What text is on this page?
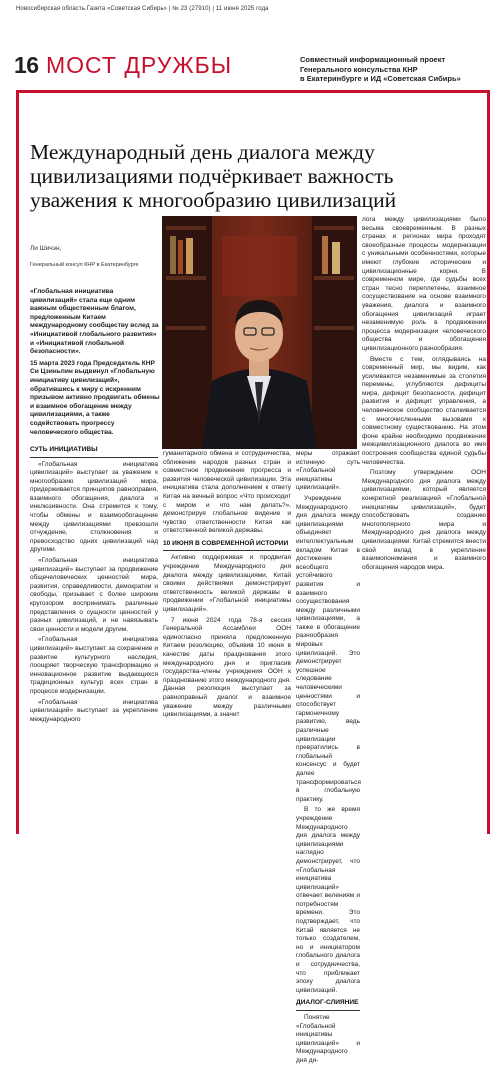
Новосибирская область.Газета «Советская Сибирь» | № 23 (27910) | 11 июня 2025 года
16 МОСТ ДРУЖБЫ	Совместный информационный проект
Генерального консульства КНР
в Екатеринбурге и ИД «Советская Сибирь»
Международный день диалога между цивилизациями подчёркивает важность уважения к многообразию цивилизаций
Ли Шичэн,
Генеральный консул КНР в Екатеринбурге

«Глобальная инициатива цивилизаций» стала еще одним важным общественным благом, предложенным Китаем международному сообществу вслед за «Инициативой глобального развития» и «Инициативой глобальной безопасности».

15 марта 2023 года Председатель КНР Си Цзиньпин выдвинул «Глобальную инициативу цивилизаций», обратившись к миру с искренним призывом активно продвигать обмены и взаимное обогащение между цивилизациями, а также содействовать прогрессу человеческого общества.

лога между цивилизациями было весьма своевременным. В разных странах и регионах мира проходят своеобразные процессы модернизации с уникальными особенностями, которые имеют глубокие исторические и цивилизационные корни. В современном мире, где судьбы всех стран тесно переплетены, взаимное сосуществование на основе взаимного уважения, диалога и взаимного обогащения цивилизаций играет незаменимую роль в продвижении процесса модернизации человеческого общества и обогащения цивилизационного разнообразия.

Вместе с тем, оглядываясь на современный мир, мы видим, как усиливаются незаменимые за столетия перемены, углубляются дефициты мира, дефицит безопасности, дефицит развития и дефицит управления, а человеческое сообщество сталкивается с многочисленными вызовами к совместному существованию. На этом фоне крайне необходимо продвижение межцивилизационного диалога во имя построения сообщества единой судьбы человечества.

Поэтому утверждение ООН Международного дня диалога между цивилизациями, который является конкретной реализацией «Глобальной инициативы цивилизаций», будет способствовать созданию многополярного мира и Международного дня диалога между цивилизациями. Китай стремится внести свой вклад в укрепление взаимопонимания и взаимного обогащения народов мира.

СУТЬ ИНИЦИАТИВЫ

«Глобальная инициатива цивилизаций» выступает за уважение к многообразию цивилизаций мира, придерживается принципов равноправия, взаимного обогащения, диалога и инклюзивности. Она стремится к тому, чтобы обмены и взаимообогащение между цивилизациями превзошли отчуждение, столкновения и превосходство одних цивилизаций над другими.

«Глобальная инициатива цивилизаций» выступает за продвижение общечеловеческих ценностей: мира, развития, справедливости, демократии и свободы, призывает с более широким кругозором воспринимать различные представления о сущности ценностей у разных цивилизаций, и не навязывать свои ценности и модели другим.

«Глобальная инициатива цивилизаций» выступает за сохранение и развитие культурного наследия, поощряет творческую трансформацию и инновационное развитие выдающихся традиционных культур всех стран в процессе модернизации.

«Глобальная инициатива цивилизаций» выступает за укрепление международного

гуманитарного обмена и сотрудничества, сближение народов разных стран и совместное продвижение прогресса и развития человеческой цивилизации. Эта инициатива стала дополнением к ответу Китая на вечный вопрос «Что происходит с миром и что нам делать?», демонстрируя глобальное видение и чувство ответственности Китая как ответственной великой державы.

10 ИЮНЯ В СОВРЕМЕННОЙ ИСТОРИИ

Активно поддерживая и продвигая учреждение Международного дня диалога между цивилизациями, Китай своими действиями демонстрирует ответственность великой державы в продвижении «Глобальной инициативы цивилизаций».

7 июня 2024 года 78-я сессия Генеральной Ассамблеи ООН единогласно приняла предложенную Китаем резолюцию, объявив 10 июня в качестве даты празднования этого международного дня и пригласив государства-члены учреждения ООН к празднованию этого международного дня. Данная резолюция выступает за равноправный диалог и взаимное уважение между различными цивилизациями, а значит

меры отражает истинную суть «Глобальной инициативы цивилизаций».

Учреждение Международного дня диалога между цивилизациями объединяет интеллектуальным вкладом Китая в достижение всеобщего устойчивого развития и взаимного сосуществования между различными цивилизациями, а также в обогащение разнообразия мировых цивилизаций. Это демонстрирует успешное следование человеческими ценностями и способствует гармоничному развитию, ведь различные цивилизации превратились в глобальный консенсус и будет далее трансформироваться в глобальную практику.

В то же время учреждение Международного дня диалога между цивилизациями наглядно демонстрирует, что «Глобальная инициатива цивилизаций» отвечает велениям и потребностям времени. Это подтверждает, что Китай является не только создателем, но и инициатором глобального диалога и сотрудничества, что приближает эпоху диалога цивилизаций.

ДИАЛОГ-СЛИЯНИЕ

Понятие «Глобальной инициативы цивилизаций» и Международного дня ди-
